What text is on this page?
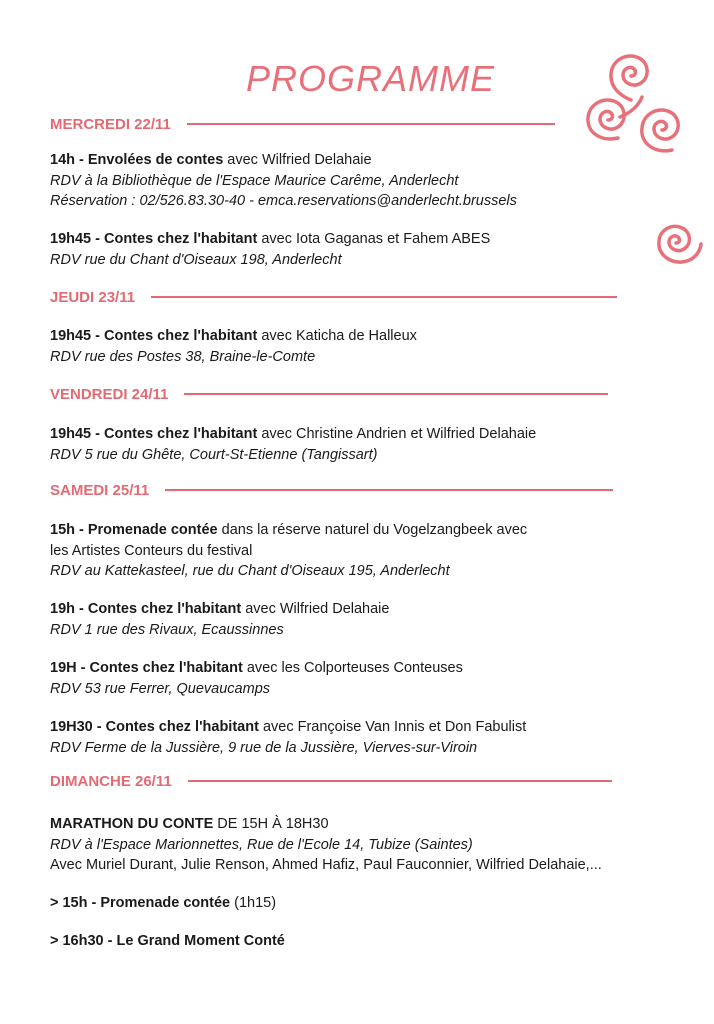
PROGRAMME
MERCREDI 22/11
JEUDI 23/11
VENDREDI 24/11
SAMEDI 25/11
DIMANCHE 26/11
14h - Envolées de contes avec Wilfried Delahaie
RDV à la Bibliothèque de l'Espace Maurice Carême, Anderlecht
Réservation : 02/526.83.30-40 - emca.reservations@anderlecht.brussels
19h45 - Contes chez l'habitant avec Iota Gaganas et Fahem ABES
RDV rue du Chant d'Oiseaux 198, Anderlecht
19h45 - Contes chez l'habitant avec Katicha de Halleux
RDV rue des Postes 38, Braine-le-Comte
19h45 - Contes chez l'habitant avec Christine Andrien et Wilfried Delahaie
RDV 5 rue du Ghête, Court-St-Etienne (Tangissart)
15h - Promenade contée dans la réserve naturel du Vogelzangbeek avec
les Artistes Conteurs du festival
RDV au Kattekasteel, rue du Chant d'Oiseaux 195, Anderlecht
19h - Contes chez l'habitant avec Wilfried Delahaie
RDV 1 rue des Rivaux, Ecaussinnes
19H - Contes chez l'habitant avec les Colporteuses Conteuses
RDV 53 rue Ferrer, Quevaucamps
19H30 - Contes chez l'habitant avec Françoise Van Innis et Don Fabulist
RDV Ferme de la Jussière, 9 rue de la Jussière, Vierves-sur-Viroin
MARATHON DU CONTE DE 15H À 18H30
RDV à l'Espace Marionnettes, Rue de l'Ecole 14, Tubize (Saintes)
Avec Muriel Durant, Julie Renson, Ahmed Hafiz, Paul Fauconnier, Wilfried Delahaie,...
> 15h - Promenade contée (1h15)
> 16h30 - Le Grand Moment Conté
